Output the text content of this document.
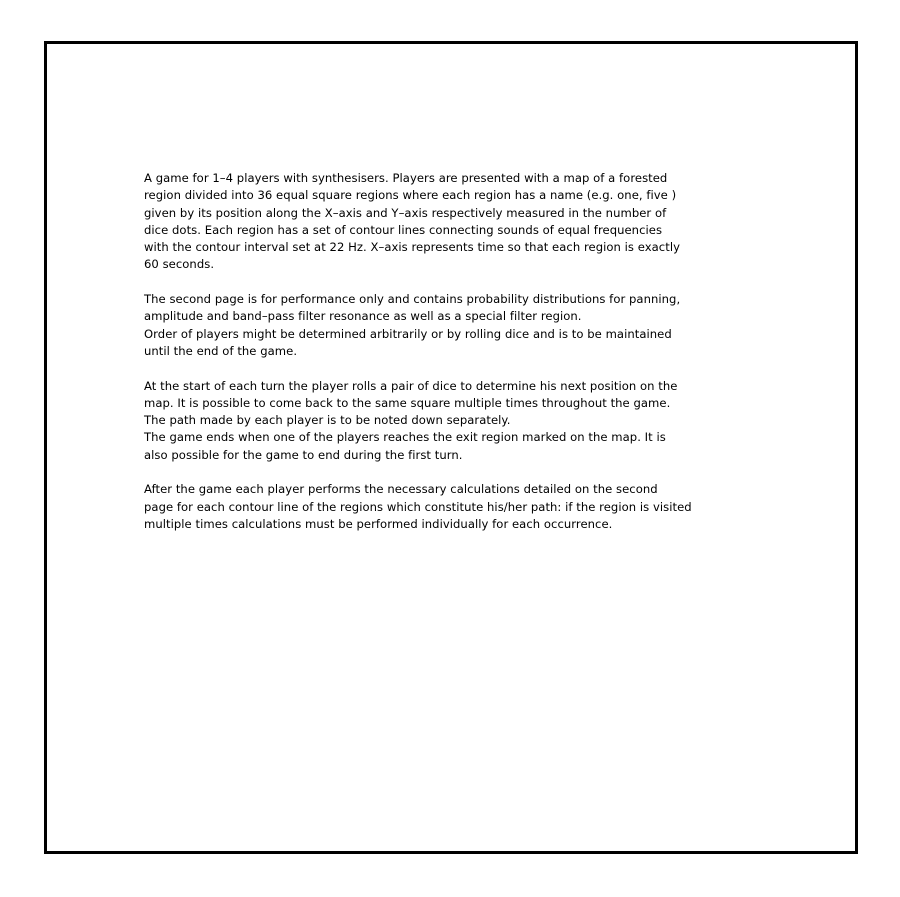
A game for 1–4 players with synthesisers. Players are presented with a map of a forested
region divided into 36 equal square regions where each region has a name (e.g. one, five )
given by its position along the X–axis and Y–axis respectively measured in the number of
dice dots. Each region has a set of contour lines connecting sounds of equal frequencies
with the contour interval set at 22 Hz. X–axis represents time so that each region is exactly
60 seconds.

The second page is for performance only and contains probability distributions for panning,
amplitude and band–pass filter resonance as well as a special filter region.
Order of players might be determined arbitrarily or by rolling dice and is to be maintained
until the end of the game.

At the start of each turn the player rolls a pair of dice to determine his next position on the
map. It is possible to come back to the same square multiple times throughout the game.
The path made by each player is to be noted down separately.
The game ends when one of the players reaches the exit region marked on the map. It is
also possible for the game to end during the first turn.

After the game each player performs the necessary calculations detailed on the second
page for each contour line of the regions which constitute his/her path: if the region is visited
multiple times calculations must be performed individually for each occurrence.
